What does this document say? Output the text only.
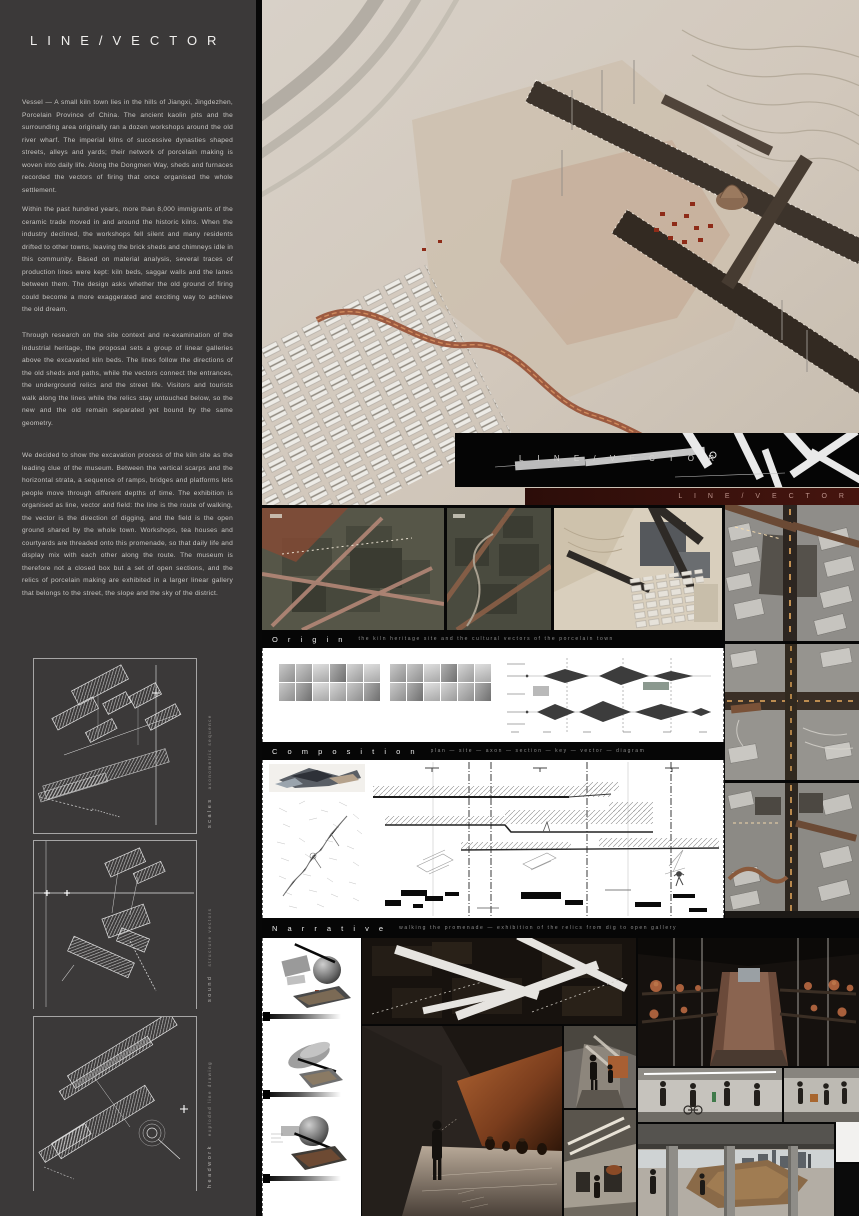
LINE/VECTOR
Vessel — A small kiln town lies in the hills of Jiangxi, Jingdezhen, Porcelain Province of China. The ancient kaolin pits and the surrounding area originally ran a dozen workshops around the old river wharf. The imperial kilns of successive dynasties shaped streets, alleys and yards; their network of porcelain making is woven into daily life. Along the Dongmen Way, sheds and furnaces recorded the vectors of firing that once organised the whole settlement.
Within the past hundred years, more than 8,000 immigrants of the ceramic trade moved in and around the historic kilns. When the industry declined, the workshops fell silent and many residents drifted to other towns, leaving the brick sheds and chimneys idle in this community. Based on material analysis, several traces of production lines were kept: kiln beds, saggar walls and the lanes between them. The design asks whether the old ground of firing could become a more exaggerated and exciting way to achieve the old dream.
Through research on the site context and re-examination of the industrial heritage, the proposal sets a group of linear galleries above the excavated kiln beds. The lines follow the directions of the old sheds and paths, while the vectors connect the entrances, the underground relics and the street life. Visitors and tourists walk along the lines while the relics stay untouched below, so the new and the old remain separated yet bound by the same geometry.
We decided to show the excavation process of the kiln site as the leading clue of the museum. Between the vertical scarps and the horizontal strata, a sequence of ramps, bridges and platforms lets people move through different depths of time. The exhibition is organised as line, vector and field: the line is the route of walking, the vector is the direction of digging, and the field is the open ground shared by the whole town. Workshops, tea houses and courtyards are threaded onto this promenade, so that daily life and display mix with each other along the route. The museum is therefore not a closed box but a set of open sections, and the relics of porcelain making are exhibited in a larger linear gallery that belongs to the street, the slope and the sky of the district.
scales  axonometric sequence
sound  structure vectors
headwork  exploded line drawing
L I N E / V E C T O R
L I N E / V E C T O R
O r i g i n the kiln heritage site and the cultural vectors of the porcelain town
C o m p o s i t i o n plan — site — axon — section — key — vector — diagram
N a r r a t i v e walking the promenade — exhibition of the relics from dig to open gallery
